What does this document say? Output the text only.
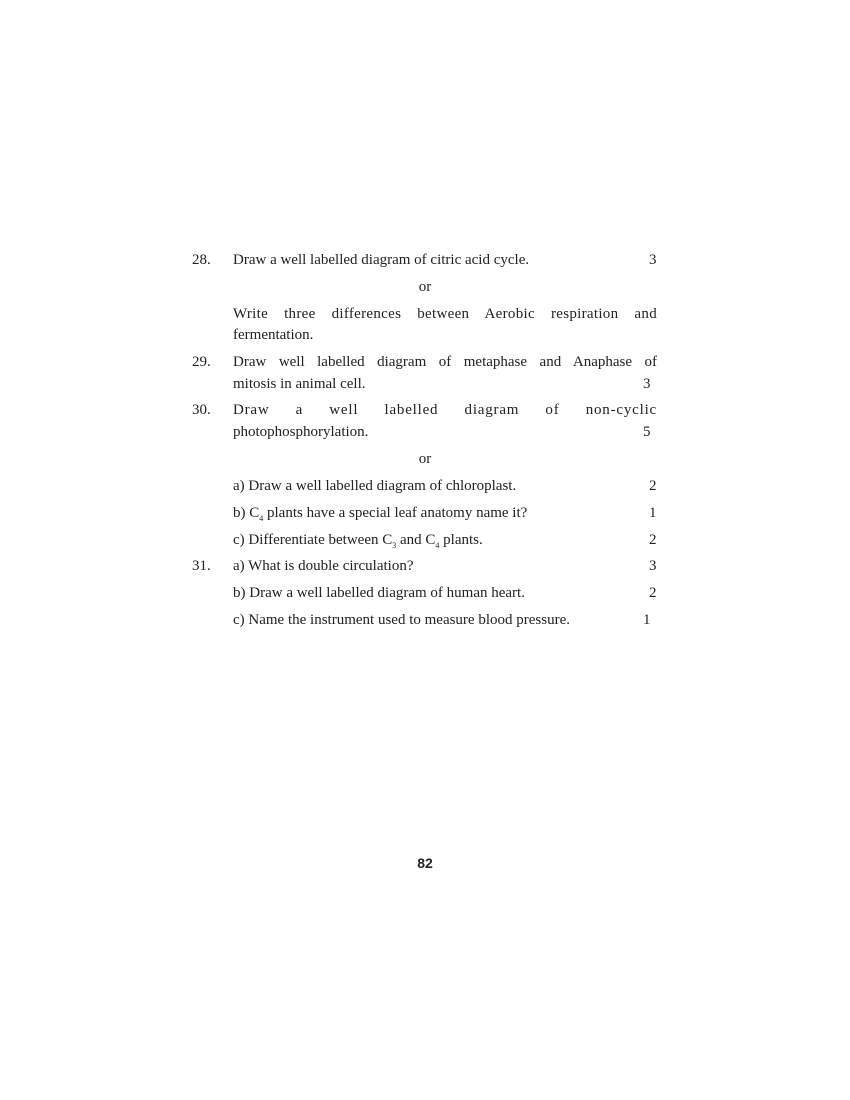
28. Draw a well labelled diagram of citric acid cycle.	3
or
Write three differences between Aerobic respiration and
fermentation.
29. Draw well labelled diagram of metaphase and Anaphase of
mitosis in animal cell.	3
30. Draw a well labelled diagram of non-cyclic
photophosphorylation.	5
or
a) Draw a well labelled diagram of chloroplast.	2
b) $C_4$ plants have a special leaf anatomy name it?	1
c) Differentiate between $C_3$ and $C_4$ plants.	2
31. a) What is double circulation?	3
b) Draw a well labelled diagram of human heart.	2
c) Name the instrument used to measure blood pressure.	1
82
